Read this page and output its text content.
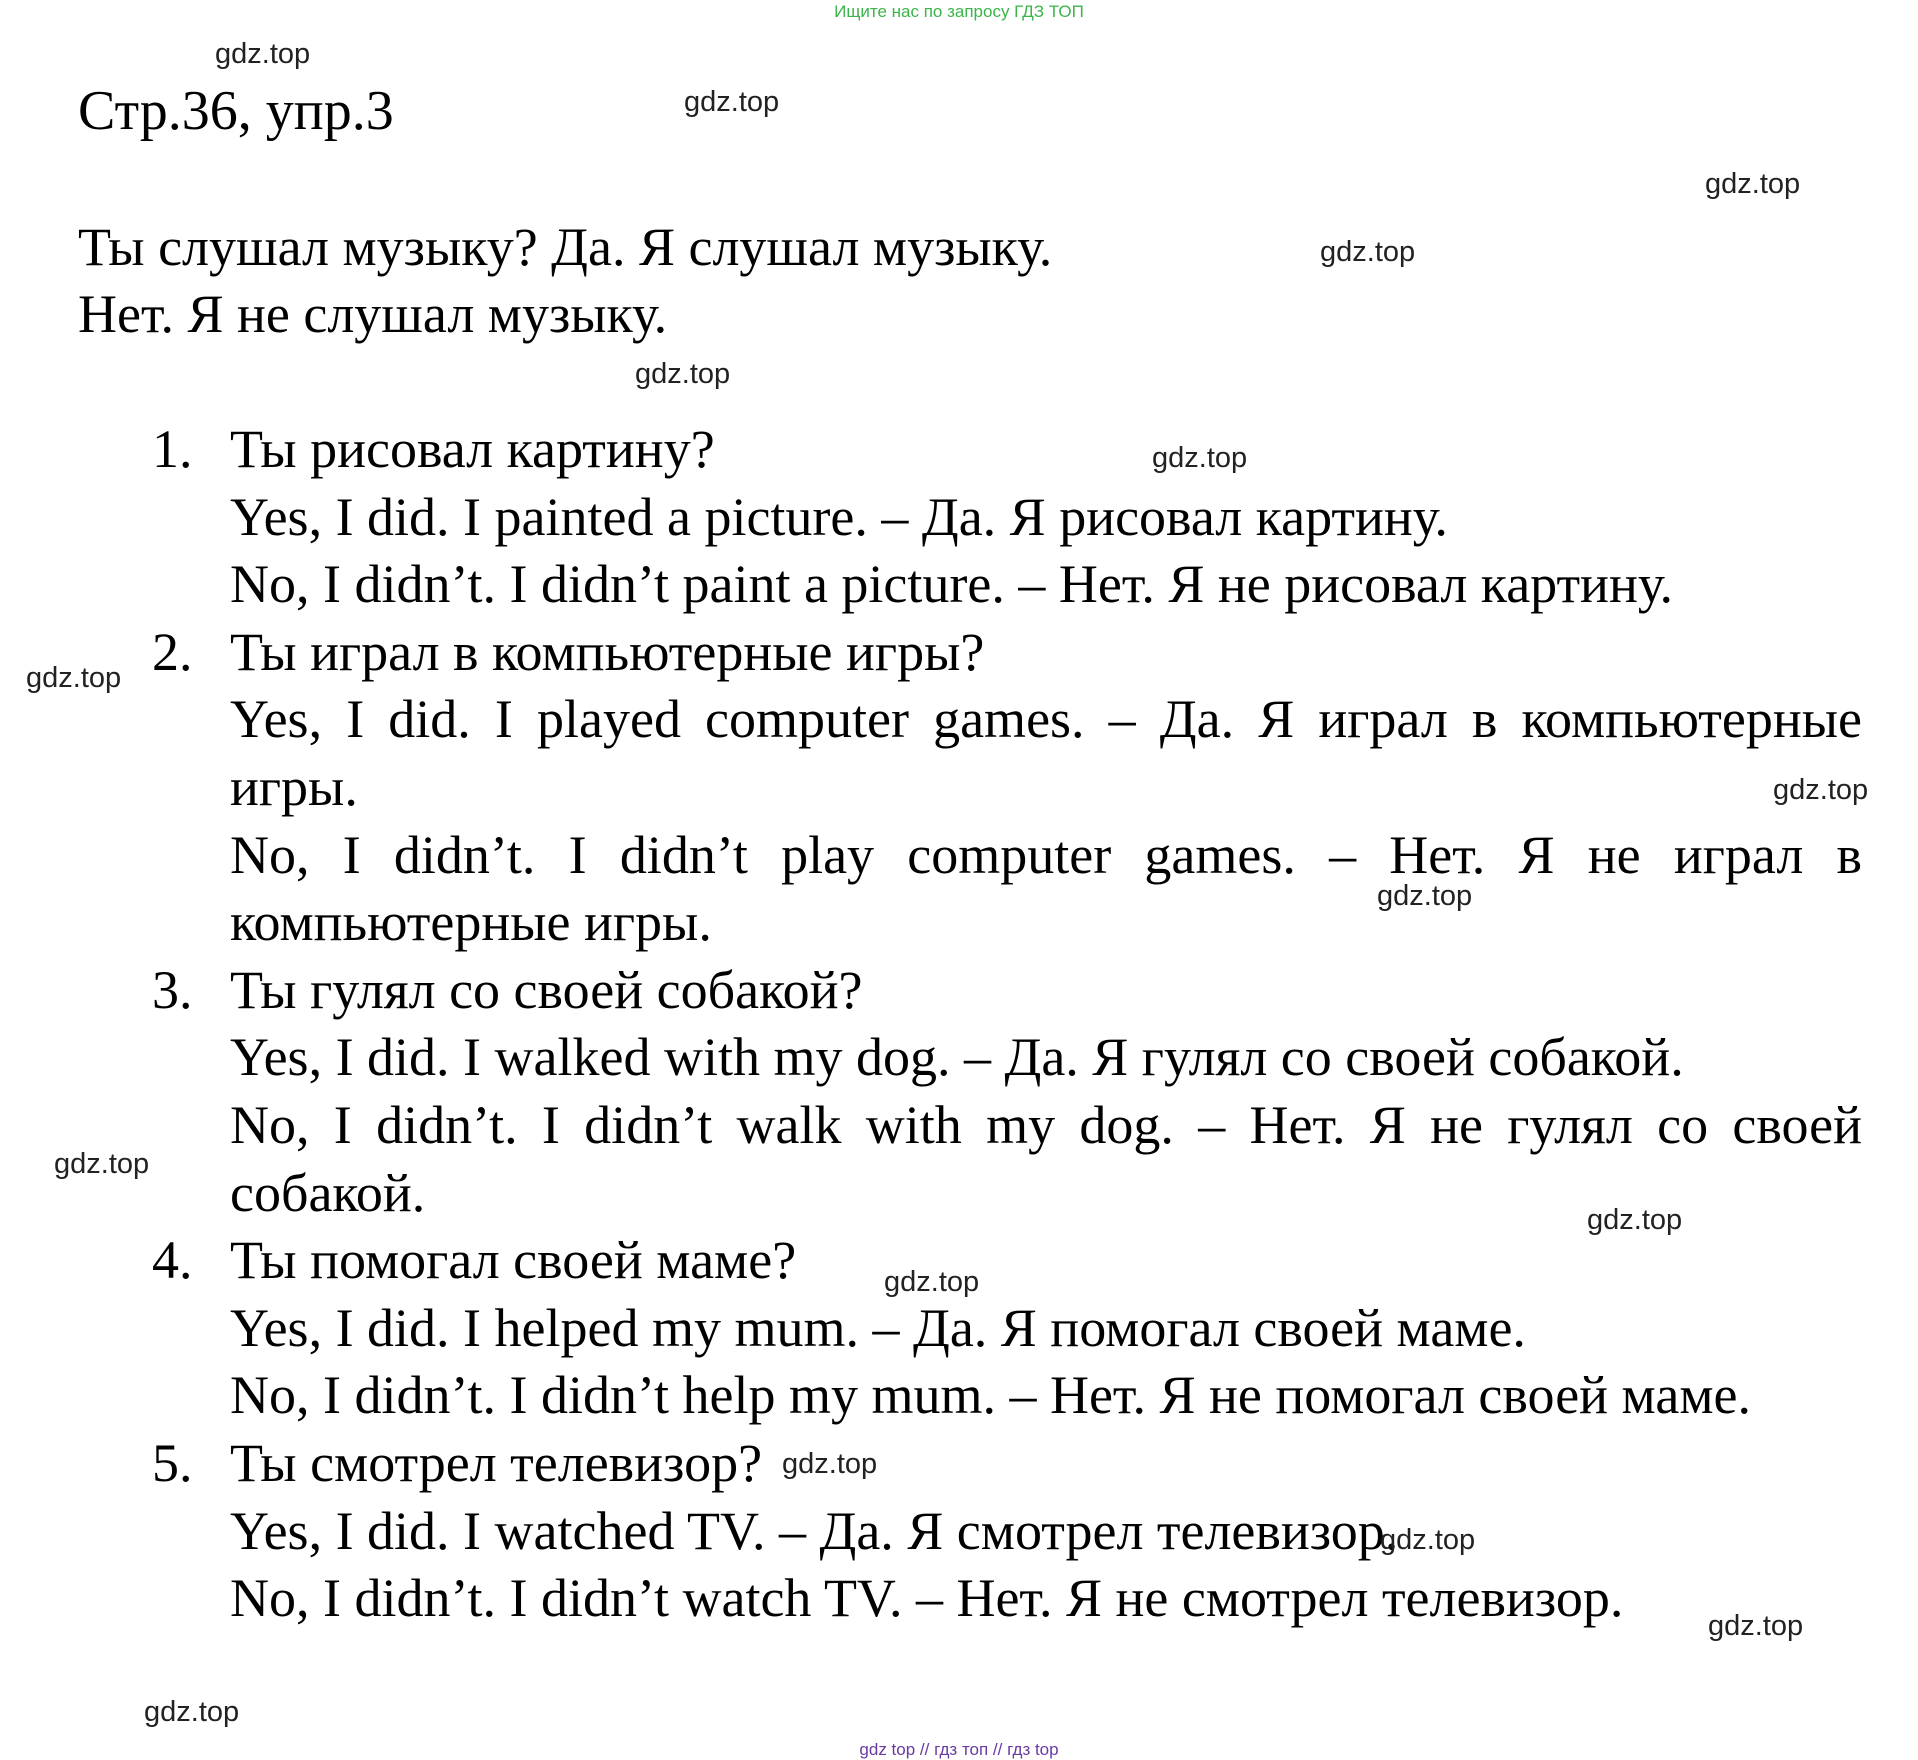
Ищите нас по запросу ГДЗ ТОП
Стр.36, упр.3
Ты слушал музыку? Да. Я слушал музыку.
Нет. Я не слушал музыку.
1. Ты рисовал картину?
Yes, I did. I painted a picture. – Да. Я рисовал картину.
No, I didn’t. I didn’t paint a picture. – Нет. Я не рисовал картину.
2. Ты играл в компьютерные игры?
Yes, I did. I played computer games. – Да. Я играл в компьютерные игры.
No, I didn’t. I didn’t play computer games. – Нет. Я не играл в компьютерные игры.
3. Ты гулял со своей собакой?
Yes, I did. I walked with my dog. – Да. Я гулял со своей собакой.
No, I didn’t. I didn’t walk with my dog. – Нет. Я не гулял со своей собакой.
4. Ты помогал своей маме?
Yes, I did. I helped my mum. – Да. Я помогал своей маме.
No, I didn’t. I didn’t help my mum. – Нет. Я не помогал своей маме.
5. Ты смотрел телевизор?
Yes, I did. I watched TV. – Да. Я смотрел телевизор.
No, I didn’t. I didn’t watch TV. – Нет. Я не смотрел телевизор.
gdz.top
gdz.top
gdz.top
gdz.top
gdz.top
gdz.top
gdz.top
gdz.top
gdz.top
gdz.top
gdz.top
gdz.top
gdz.top
gdz.top
gdz.top
gdz.top
gdz top // гдз топ // гдз top
